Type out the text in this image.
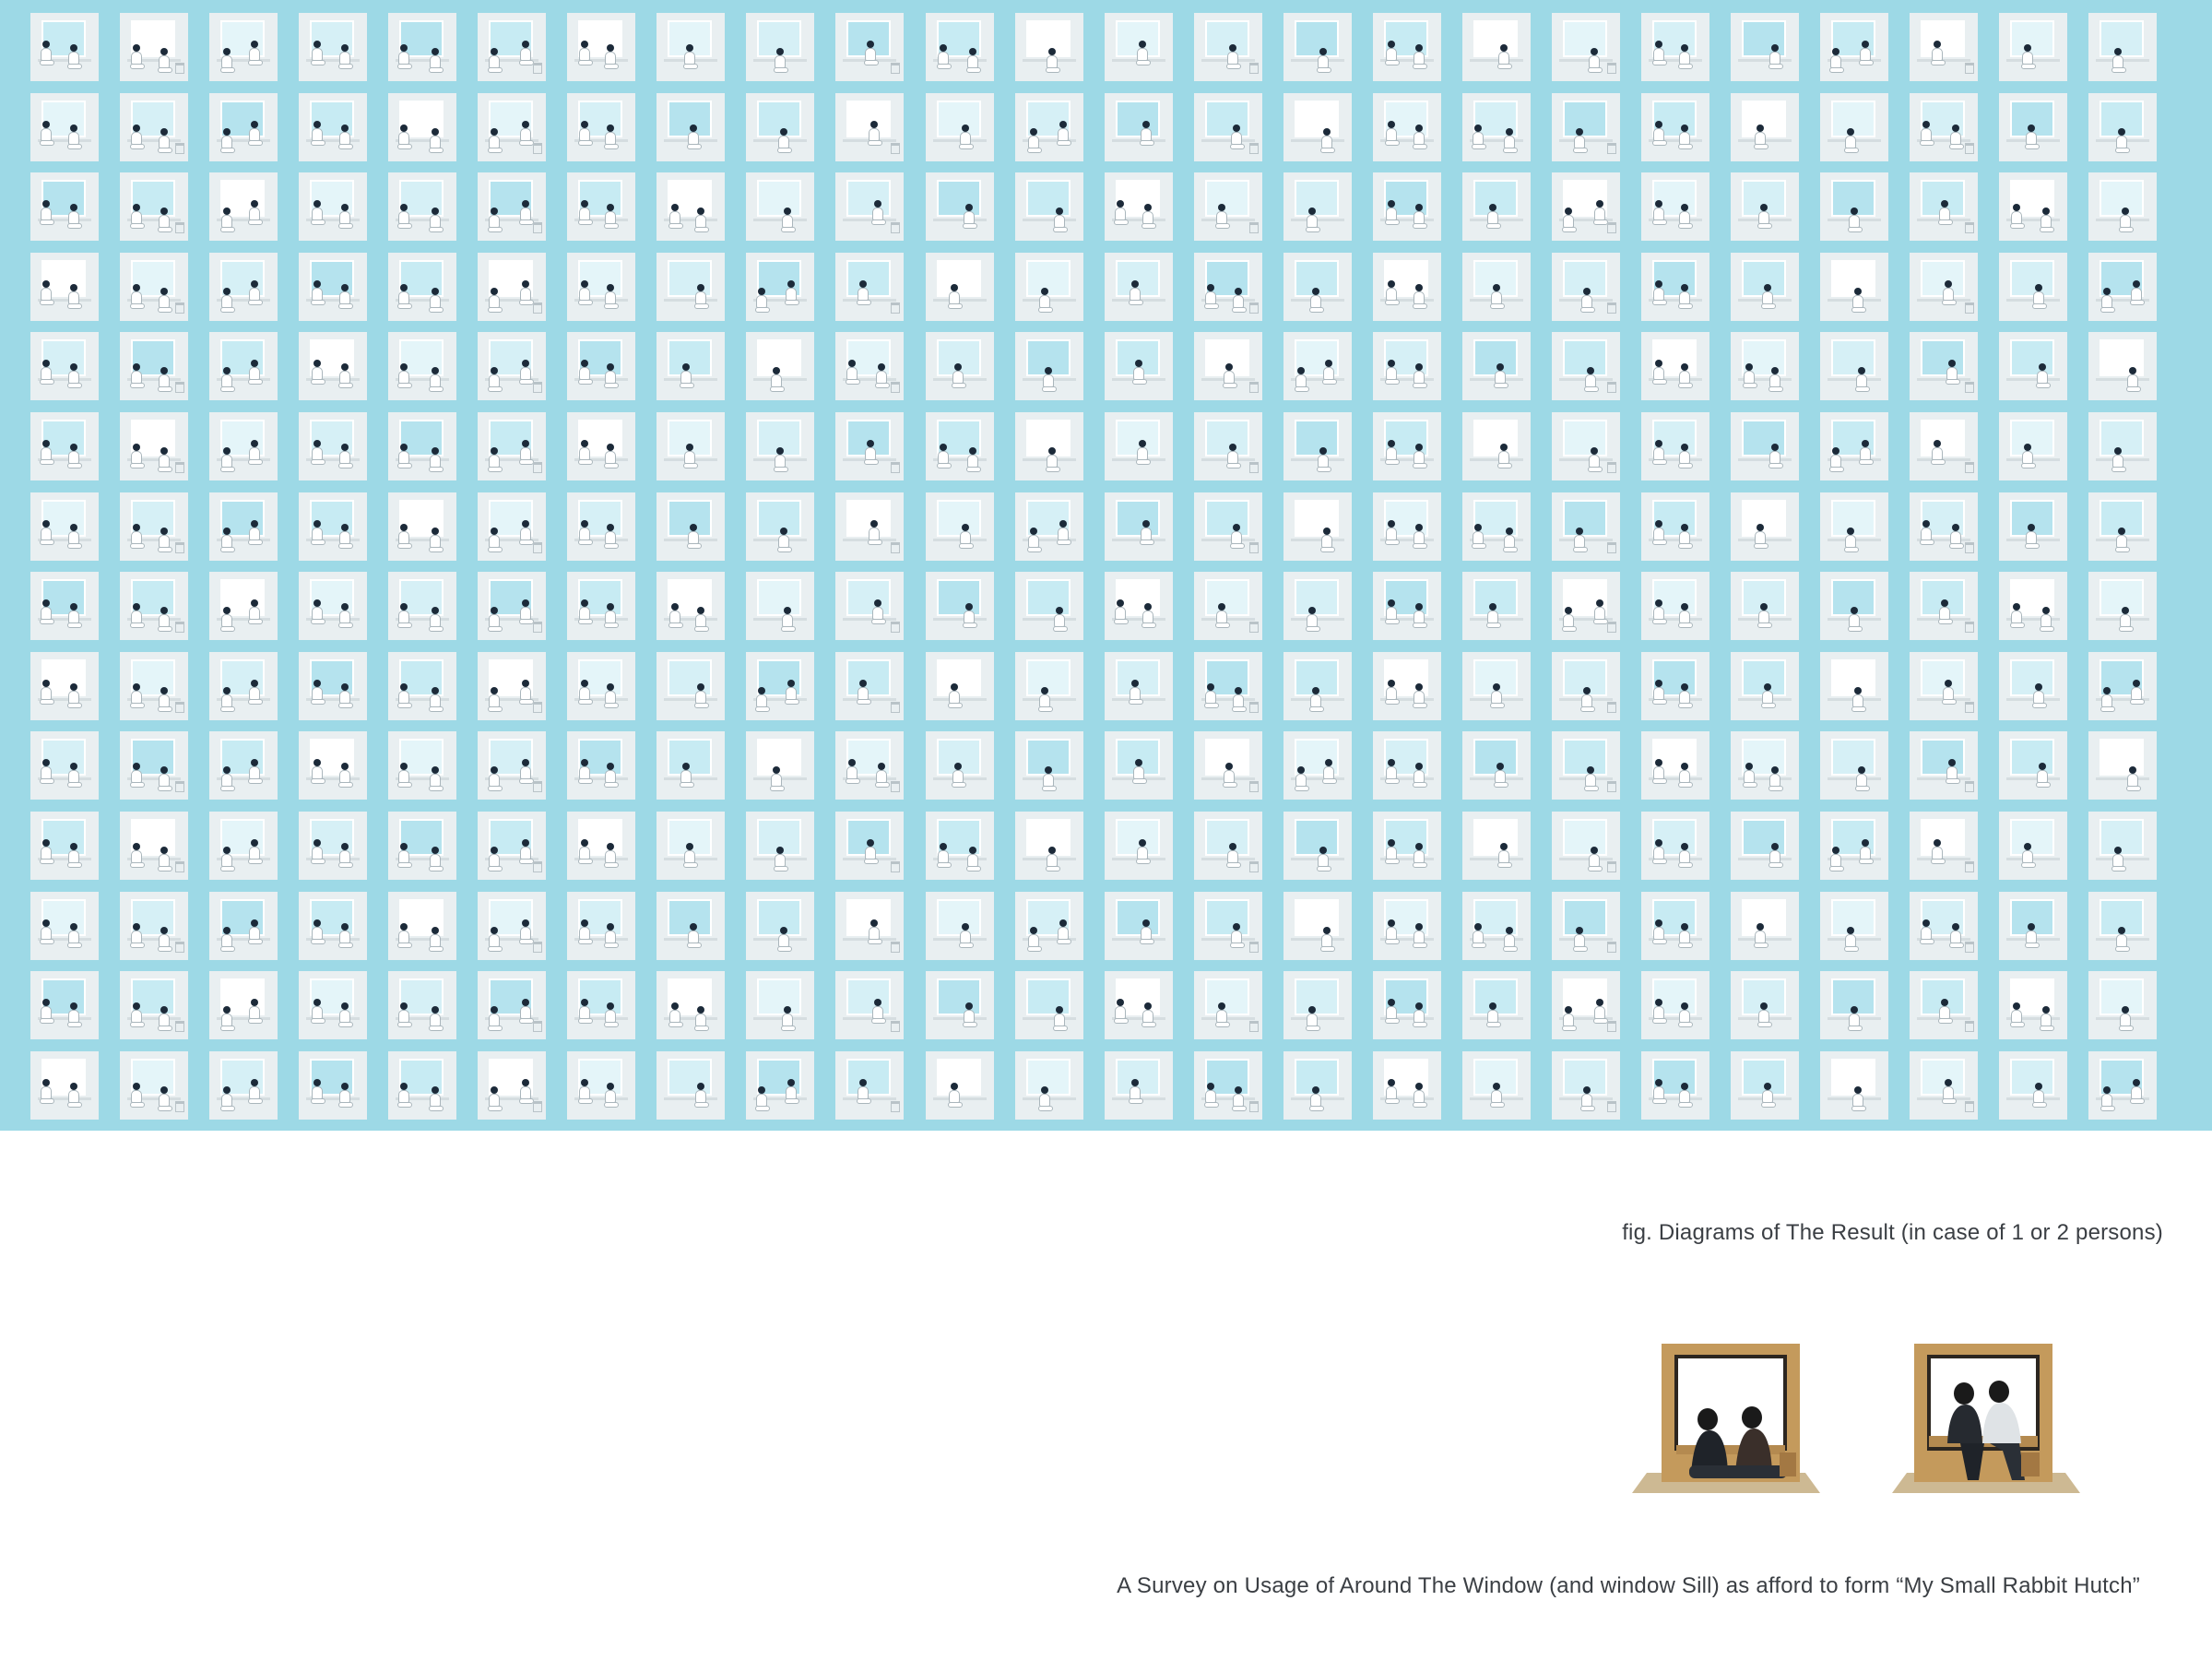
fig. Diagrams of The Result (in case of 1 or 2 persons)
A Survey on Usage of Around The Window (and window Sill) as afford to form “My Small Rabbit Hutch”
